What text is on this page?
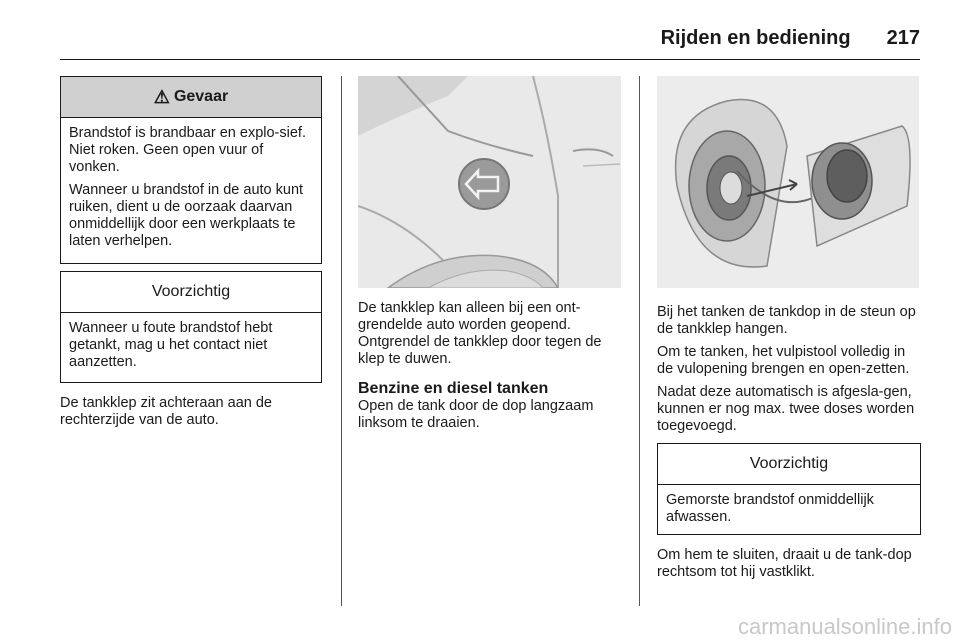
Rijden en bediening 217
⚠ Gevaar

Brandstof is brandbaar en explo-sief. Niet roken. Geen open vuur of vonken.

Wanneer u brandstof in de auto kunt ruiken, dient u de oorzaak daarvan onmiddellijk door een werkplaats te laten verhelpen.

Voorzichtig

Wanneer u foute brandstof hebt getankt, mag u het contact niet aanzetten.

De tankklep zit achteraan aan de rechterzijde van de auto.

De tankklep kan alleen bij een ont-grendelde auto worden geopend. Ontgrendel de tankklep door tegen de klep te duwen.

Benzine en diesel tanken

Open de tank door de dop langzaam linksom te draaien.

Bij het tanken de tankdop in de steun op de tankklep hangen.

Om te tanken, het vulpistool volledig in de vulopening brengen en open-zetten.

Nadat deze automatisch is afgesla-gen, kunnen er nog max. twee doses worden toegevoegd.

Voorzichtig

Gemorste brandstof onmiddellijk afwassen.

Om hem te sluiten, draait u de tank-dop rechtsom tot hij vastklikt.

carmanualsonline.info
